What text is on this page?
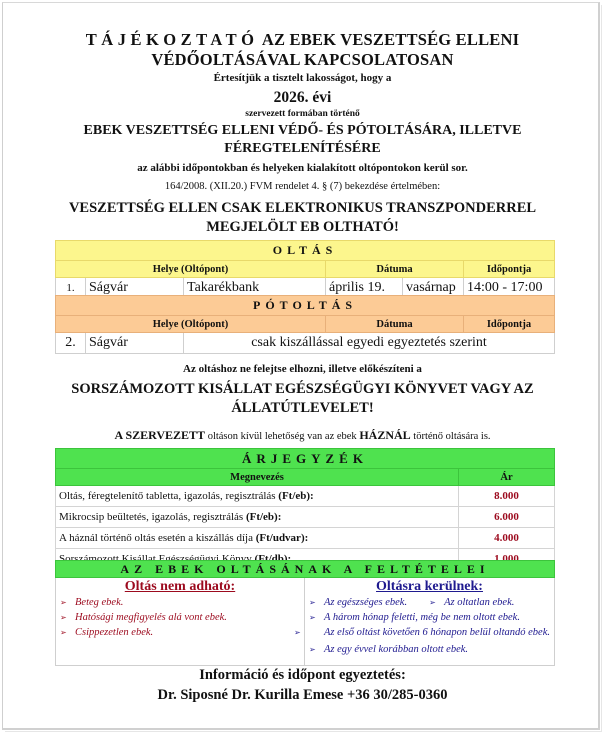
TÁJÉKOZTATÓ AZ EBEK VESZETTSÉG ELLENI
VÉDŐOLTÁSÁVAL KAPCSOLATOSAN
Értesítjük a tisztelt lakosságot, hogy a
2026. évi
szervezett formában történő
EBEK VESZETTSÉG ELLENI VÉDŐ- ÉS PÓTOLTÁSÁRA, ILLETVE
FÉREGTELENÍTÉSÉRE
az alábbi időpontokban és helyeken kialakított oltópontokon kerül sor.
164/2008. (XII.20.) FVM rendelet 4. § (7) bekezdése értelmében:
VESZETTSÉG ELLEN CSAK ELEKTRONIKUS TRANSZPONDERREL
MEGJELÖLT EB OLTHATÓ!
OLTÁS					
Helye (Oltópont)			Dátuma		Időpontja
1.	Ságvár	Takarékbank	április 19.	vasárnap	14:00 - 17:00
PÓTOLTÁS				
Helye (Oltópont)			Dátuma	Időpontja
2.	Ságvár	csak kiszállással egyedi egyeztetés szerint		
Az oltáshoz ne felejtse elhozni, illetve előkészíteni a
SORSZÁMOZOTT KISÁLLAT EGÉSZSÉGÜGYI KÖNYVET VAGY AZ
ÁLLATÚTLEVELET!
A SZERVEZETT oltáson kívül lehetőség van az ebek HÁZNÁL történő oltására is.
ÁRJEGYZÉK	
Megnevezés	Ár
Oltás, féregtelenítő tabletta, igazolás, regisztrálás (Ft/eb):	8.000
Mikrocsip beültetés, igazolás, regisztrálás (Ft/eb):	6.000
A háznál történő oltás esetén a kiszállás díja (Ft/udvar):	4.000
Sorszámozott Kisállat Egészségügyi Könyv (Ft/db):	1.000
AZ EBEK OLTÁSÁNAK A FELTÉTELEI

Oltás nem adható:
➢ Beteg ebek.
➢ Hatósági megfigyelés alá vont ebek.
➢ Csippezetlen ebek.

Oltásra kerülnek:
➢ Az egészséges ebek.	➢ Az oltatlan ebek.
➢ A három hónap feletti, még be nem oltott ebek.
➢ Az első oltást követően 6 hónapon belül oltandó ebek.
➢ Az egy évvel korábban oltott ebek.
Információ és időpont egyeztetés:
Dr. Siposné Dr. Kurilla Emese +36 30/285-0360
